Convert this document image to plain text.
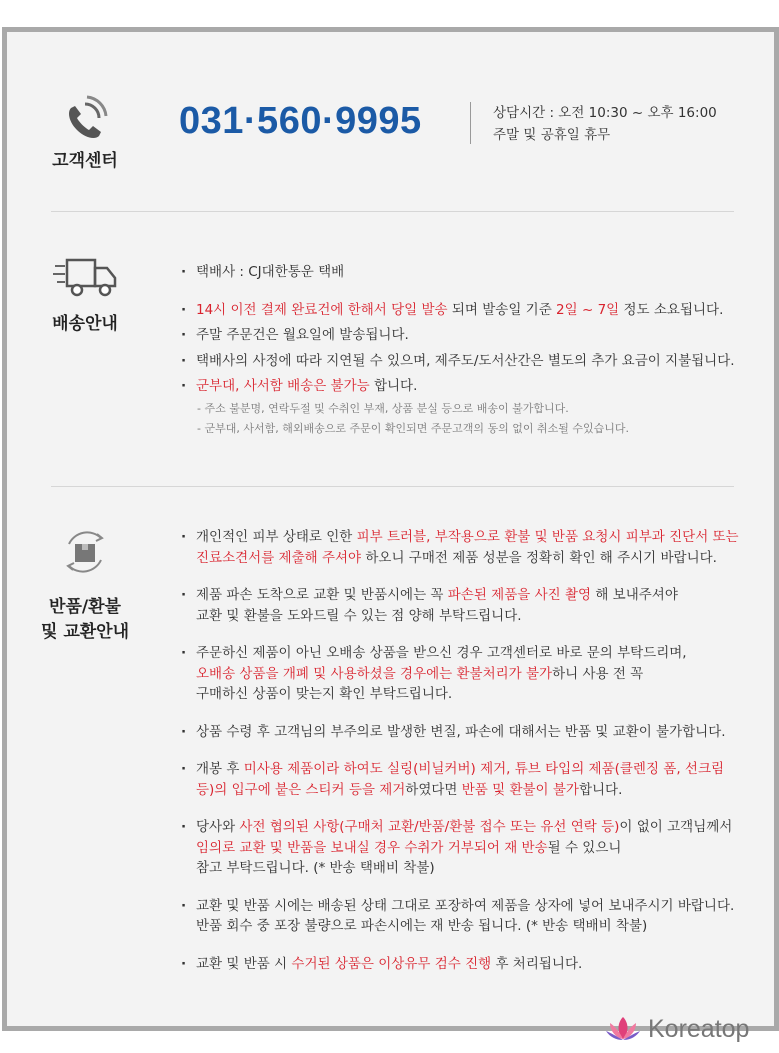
고객센터
031·560·9995	상담시간 : 오전 10:30 ~ 오후 16:00
주말 및 공휴일 휴무
배송안내

· 택배사 : CJ대한통운 택배

· 14시 이전 결제 완료건에 한해서 당일 발송 되며 발송일 기준 2일 ~ 7일 정도 소요됩니다.

· 주말 주문건은 월요일에 발송됩니다.

· 택배사의 사정에 따라 지연될 수 있으며, 제주도/도서산간은 별도의 추가 요금이 지불됩니다.

· 군부대, 사서함 배송은 불가능 합니다.

- 주소 불분명, 연락두절 및 수취인 부재, 상품 분실 등으로 배송이 불가합니다.

- 군부대, 사서함, 해외배송으로 주문이 확인되면 주문고객의 동의 없이 취소될 수있습니다.

반품/환불
및 교환안내

· 개인적인 피부 상태로 인한 피부 트러블, 부작용으로 환불 및 반품 요청시 피부과 진단서 또는 진료소견서를 제출해 주셔야 하오니 구매전 제품 성분을 정확히 확인 해 주시기 바랍니다.

· 제품 파손 도착으로 교환 및 반품시에는 꼭 파손된 제품을 사진 촬영 해 보내주셔야
교환 및 환불을 도와드릴 수 있는 점 양해 부탁드립니다.

· 주문하신 제품이 아닌 오배송 상품을 받으신 경우 고객센터로 바로 문의 부탁드리며,
오배송 상품을 개폐 및 사용하셨을 경우에는 환불처리가 불가하니 사용 전 꼭
구매하신 상품이 맞는지 확인 부탁드립니다.

· 상품 수령 후 고객님의 부주의로 발생한 변질, 파손에 대해서는 반품 및 교환이 불가합니다.

· 개봉 후 미사용 제품이라 하여도 실링(비닐커버) 제거, 튜브 타입의 제품(클렌징 폼, 선크림 등)의 입구에 붙은 스티커 등을 제거하였다면 반품 및 환불이 불가합니다.

· 당사와 사전 협의된 사항(구매처 교환/반품/환불 접수 또는 유선 연락 등)이 없이 고객님께서
임의로 교환 및 반품을 보내실 경우 수취가 거부되어 재 반송될 수 있으니
참고 부탁드립니다. (* 반송 택배비 착불)

· 교환 및 반품 시에는 배송된 상태 그대로 포장하여 제품을 상자에 넣어 보내주시기 바랍니다.
반품 회수 중 포장 불량으로 파손시에는 재 반송 됩니다. (* 반송 택배비 착불)

· 교환 및 반품 시 수거된 상품은 이상유무 검수 진행 후 처리됩니다.

Koreatop
